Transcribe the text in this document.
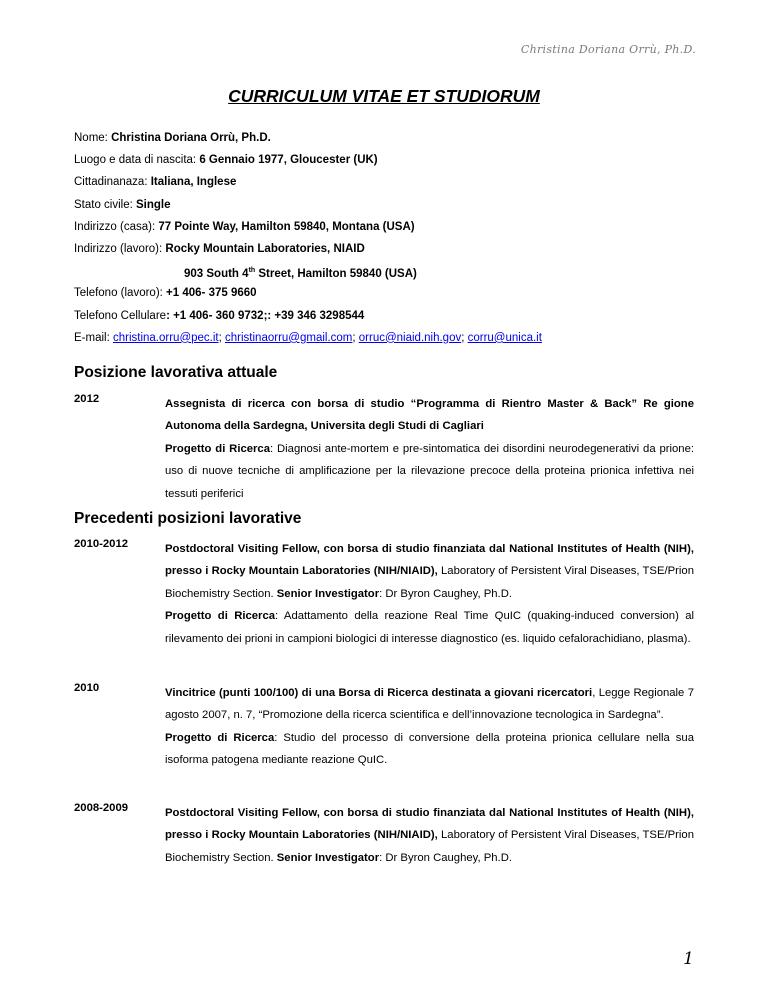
Christina Doriana Orrù, Ph.D.
CURRICULUM VITAE ET STUDIORUM
Nome: Christina Doriana Orrù, Ph.D.
Luogo e data di nascita: 6 Gennaio 1977, Gloucester (UK)
Cittadinanaza: Italiana, Inglese
Stato civile: Single
Indirizzo (casa): 77 Pointe Way, Hamilton 59840, Montana (USA)
Indirizzo (lavoro): Rocky Mountain Laboratories, NIAID
903 South 4th Street, Hamilton 59840 (USA)
Telefono (lavoro): +1 406- 375 9660
Telefono Cellulare: +1 406- 360 9732;: +39 346 3298544
E-mail: christina.orru@pec.it; christinaorru@gmail.com; orruc@niaid.nih.gov; corru@unica.it
Posizione lavorativa attuale
2012	Assegnista di ricerca con borsa di studio “Programma di Rientro Master & Back” Re gione Autonoma della Sardegna, Universita degli Studi di Cagliari

Progetto di Ricerca: Diagnosi ante-mortem e pre-sintomatica dei disordini neurodegenerativi da prione: uso di nuove tecniche di amplificazione per la rilevazione precoce della proteina prionica infettiva nei tessuti periferici

Precedenti posizioni lavorative
2010-2012	Postdoctoral Visiting Fellow, con borsa di studio finanziata dal National Institutes of Health (NIH), presso i Rocky Mountain Laboratories (NIH/NIAID), Laboratory of Persistent Viral Diseases, TSE/Prion Biochemistry Section. Senior Investigator: Dr Byron Caughey, Ph.D.

Progetto di Ricerca: Adattamento della reazione Real Time QuIC (quaking-induced conversion) al rilevamento dei prioni in campioni biologici di interesse diagnostico (es. liquido cefalorachidiano, plasma).

2010	Vincitrice (punti 100/100) di una Borsa di Ricerca destinata a giovani ricercatori, Legge Regionale 7 agosto 2007, n. 7, “Promozione della ricerca scientifica e dell’innovazione tecnologica in Sardegna”.

Progetto di Ricerca: Studio del processo di conversione della proteina prionica cellulare nella sua isoforma patogena mediante reazione QuIC.

2008-2009	Postdoctoral Visiting Fellow, con borsa di studio finanziata dal National Institutes of Health (NIH), presso i Rocky Mountain Laboratories (NIH/NIAID), Laboratory of Persistent Viral Diseases, TSE/Prion Biochemistry Section. Senior Investigator: Dr Byron Caughey, Ph.D.

1
